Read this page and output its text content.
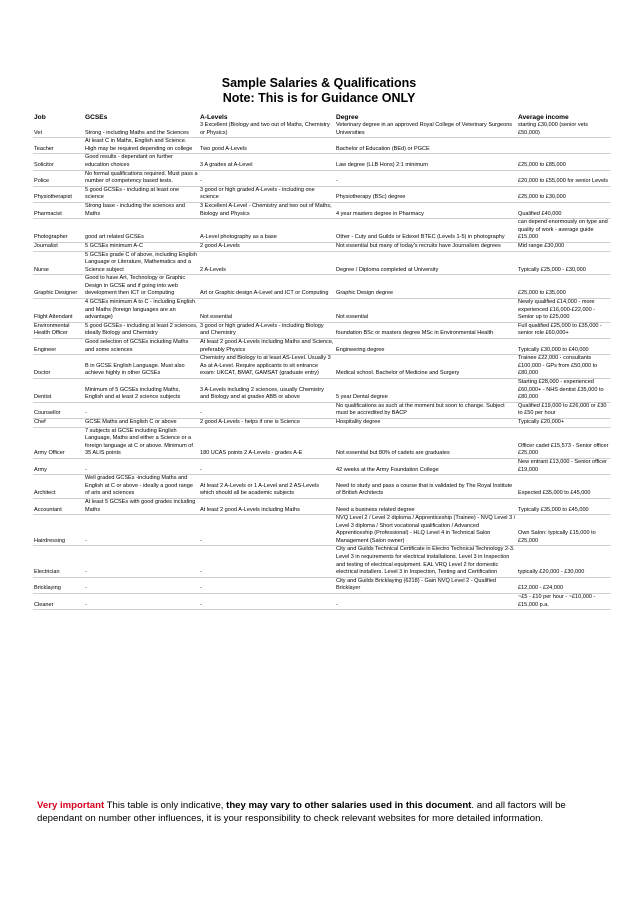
Sample Salaries & Qualifications
Note: This is for Guidance ONLY
Job	GCSEs	A-Levels	Degree	Average income
Vet	Strong - including Maths and the Sciences	3 Excellent (Biology and two out of Maths, Chemistry or Physics)	Veterinary degree in an approved Royal College of Veterinary Surgeons Universities	starting £30,000 (senior vets £50,000)
Teacher	At least C in Maths, English and Science. High may be required depending on college	Two good A-Levels	Bachelor of Education (BEd) or PGCE	
Solicitor	Good results - dependant on further education choices	3 A grades at A-Level	Law degree (LLB Hons) 2:1 minimum	£25,000 to £85,000
Police	No formal qualifications required. Must pass a number of competency based tests.	-	-	£20,000 to £55,000 for senior Levels
Physiotherapist	5 good GCSEs - including at least one science	3 good or high graded A-Levels - including one science	Physiotherapy (BSc) degree	£25,000 to £30,000
Pharmacist	Strong base - including the sciences and Maths	3 Excellent A-Level - Chemistry and two out of Maths, Biology and Physics	4 year masters degree in Pharmacy	Qualified £40,000
Photographer	good art related GCSEs	A-Level photography as a base	Other - Cuty and Guilds or Edexel BTEC (Levels 1-5) in photography	can depend enormously on type and quality of work - average guide £15,000
Journalist	5 GCSEs minimum A-C	2 good A-Levels	Not essential but many of today's recruits have Journalism degrees	Mid range £30,000
Nurse	5 GCSEs grade C of above, including English Language or Literature, Mathematics and a Science subject	2 A-Levels	Degree / Diploma completed at University	Typically £25,000 - £30,000
Graphic Designer	Good to have Art, Technology or Graphic Design in GCSE and if going into web development then ICT or Computing	Art or Graphic design A-Level and ICT or Computing	Graphic Design degree	£25,000 to £35,000
Flight Attendant	4 GCSEs minimum A to C - including English and Maths (foreign languages are an advantage)	Not essential	Not essential	Newly qualified £14,000 - more experienced £16,000-£22,000 - Senior up to £25,000
Environmental Health Officer	5 good GCSEs - including at least 2 sciences, ideally Biology and Chemistry	3 good or high graded A-Levels - including Biology and Chemistry	foundation BSc or masters degree MSc in Environmental Health	Full qualified £25,000 to £35,000 - senior role £60,000+
Engineer	Good selection of GCSEs including Maths and some sciences	At least 2 good A-Levels including Maths and Science, preferably Physics	Engineering degree	Typically £30,000 to £40,000
Doctor	B in GCSE English Language. Must also achieve highly in other GCSEs	Chemistry and Biology to at least AS-Level. Usually 3 As at A-Level. Require applicants to sit entrance exam: UKCAT, BMAT, GAMSAT (graduate entry)	Medical school. Bachelor of Medicine and Surgery	Trainee £22,000 - consultants £100,000 - GPs from £50,000 to £80,000
Dentist	Minimum of 5 GCSEs including Maths, English and at least 2 science subjects	3 A-Levels including 2 sciences, usually Chemistry and Biology and at grades ABB or above	5 year Dental degree	Starting £28,000 - experienced £60,000+ - NHS dentist £35,000 to £80,000
Counsellor	-	-	No qualifications as such at the moment but soon to change. Subject must be accredited by BACP	Qualified £19,000 to £26,000 or £30 to £50 per hour
Chef	GCSE Maths and English C or above	2 good A-Levels - helps if one is Science	Hospitality degree	Typically £20,000+
Army Officer	7 subjects at GCSE including English Language, Maths and either a Science or a foreign language at C or above. Minimum of 35 ALIS points	180 UCAS points 2 A-Levels - grades A-E	Not essential but 80% of cadets are graduates	Officer cadet £15,573 - Senior officer £25,000
Army	-	-	42 weeks at the Army Foundation College	New entrant £13,000 - Senior officer £19,000
Architect	Well graded GCSEs -including Maths and English at C or above - ideally a good range of arts and sciences	At least 2 A-Levels or 1 A-Level and 2 AS-Levels which should all be academic subjects	Need to study and pass a course that is validated by The Royal Institute of British Architects	Expected £35,000 to £45,000
Accountant	At least 5 GCSEs with good grades including Maths	At least 2 good A-Levels including Maths	Need a business related degree	Typically £35,000 to £45,000
Hairdressing	-	-	NVQ Level 2 / Level 2 diploma / Apprenticeship (Trainee) - NVQ Level 3 / Level 3 diploma / Short vocational qualification / Advanced Apprenticeship (Professional) - HLQ Level 4 in Technical Salon Management (Salon owner)	Own Salon: typically £15,000 to £25,000
Electrician	-	-	City and Guilds Technical Certificate in Electro Technical Technology 2-3. Level 3 in requirements for electrical installations. Level 3 in Inspection and testing of electrical equipment. EAL VRQ Level 2 for domestic electrical installers. Level 3 in Inspection, Testing and Certification	typically £20,000 - £30,000
Bricklaying	-	-	City and Guilds Bricklaying (6218) - Gain NVQ Level 2 - Qualified Bricklayer	£12,000 - £24,000
Cleaner	-	-	-	~£5 - £10 per hour - ~£10,000 - £15,000 p.a.
Very important This table is only indicative, they may vary to other salaries used in this document. and all factors will be dependant on number other influences, it is your responsibility to check relevant websites for more detailed information.
